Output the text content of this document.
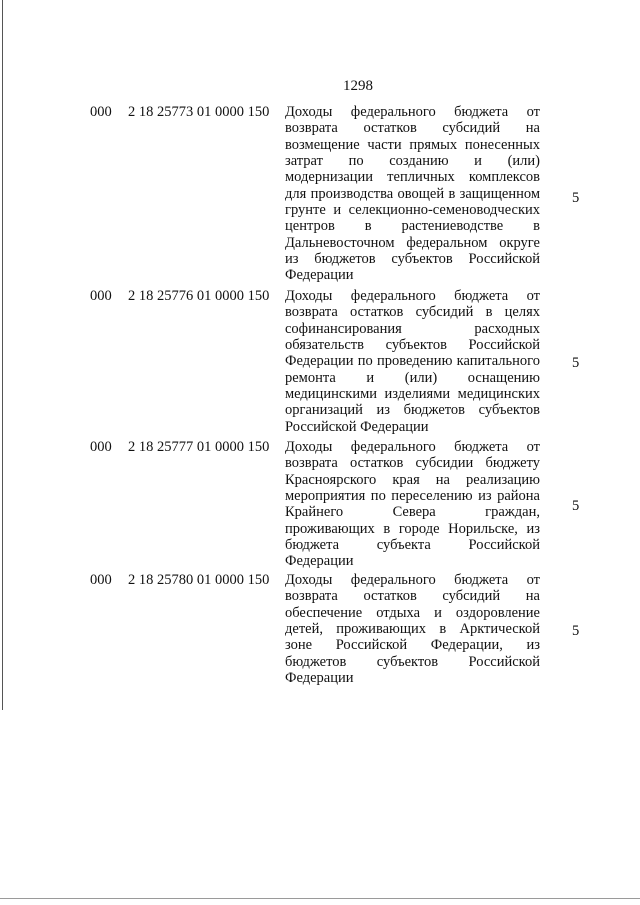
1298
000 2 18 25773 01 0000 150 Доходы федерального бюджета от возврата остатков субсидий на возмещение части прямых понесенных затрат по созданию и (или) модернизации тепличных комплексов для производства овощей в защищенном грунте и селекционно-семеноводческих центров в растениеводстве в Дальневосточном федеральном округе из бюджетов субъектов Российской Федерации
5
000 2 18 25776 01 0000 150 Доходы федерального бюджета от возврата остатков субсидий в целях софинансирования расходных обязательств субъектов Российской Федерации по проведению капитального ремонта и (или) оснащению медицинскими изделиями медицинских организаций из бюджетов субъектов Российской Федерации
5
000 2 18 25777 01 0000 150 Доходы федерального бюджета от возврата остатков субсидии бюджету Красноярского края на реализацию мероприятия по переселению из района Крайнего Севера граждан, проживающих в городе Норильске, из бюджета субъекта Российской Федерации
5
000 2 18 25780 01 0000 150 Доходы федерального бюджета от возврата остатков субсидий на обеспечение отдыха и оздоровление детей, проживающих в Арктической зоне Российской Федерации, из бюджетов субъектов Российской Федерации
5
